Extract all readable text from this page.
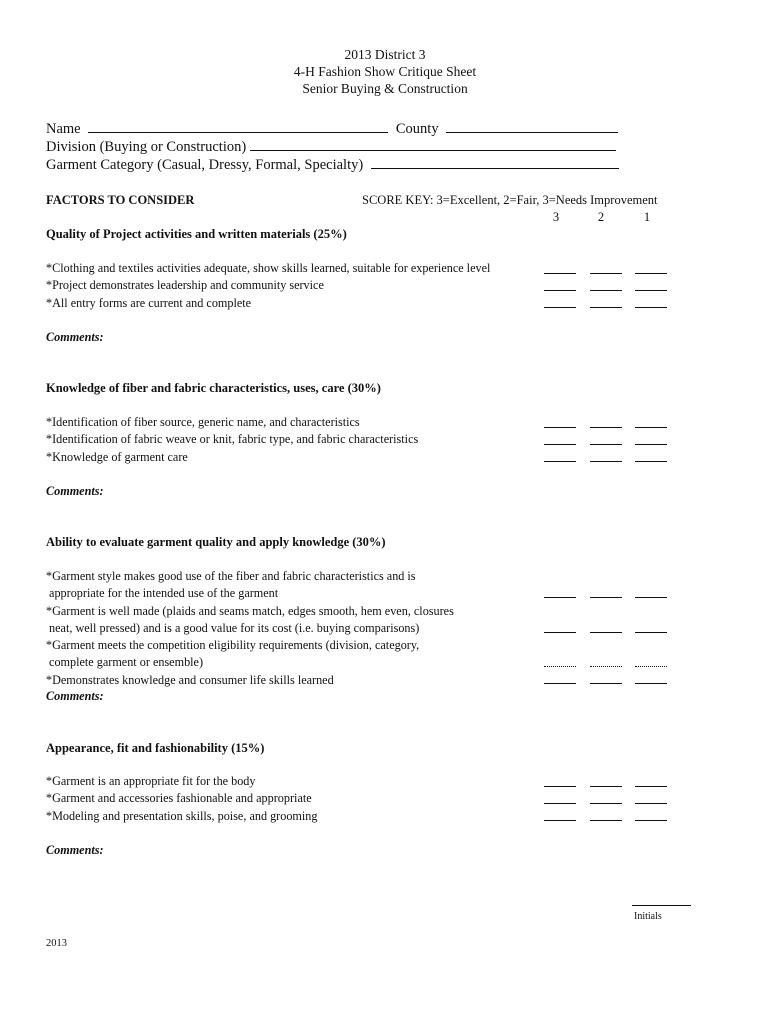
2013 District 3
4-H Fashion Show Critique Sheet
Senior Buying & Construction
Name	County
Division (Buying or Construction)
Garment Category (Casual, Dressy, Formal, Specialty)
FACTORS TO CONSIDER	SCORE KEY: 3=Excellent, 2=Fair, 3=Needs Improvement
3	2	1
Quality of Project activities and written materials (25%)
*Clothing and textiles activities adequate, show skills learned, suitable for experience level
*Project demonstrates leadership and community service
*All entry forms are current and complete
Comments:
Knowledge of fiber and fabric characteristics, uses, care (30%)
*Identification of fiber source, generic name, and characteristics
*Identification of fabric weave or knit, fabric type, and fabric characteristics
*Knowledge of garment care
Comments:
Ability to evaluate garment quality and apply knowledge (30%)
*Garment style makes good use of the fiber and fabric characteristics and is
appropriate for the intended use of the garment
*Garment is well made (plaids and seams match, edges smooth, hem even, closures
neat, well pressed) and is a good value for its cost (i.e. buying comparisons)
*Garment meets the competition eligibility requirements (division, category,
complete garment or ensemble)
*Demonstrates knowledge and consumer life skills learned
Comments:
Appearance, fit and fashionability (15%)
*Garment is an appropriate fit for the body
*Garment and accessories fashionable and appropriate
*Modeling and presentation skills, poise, and grooming
Comments:
Initials
2013
